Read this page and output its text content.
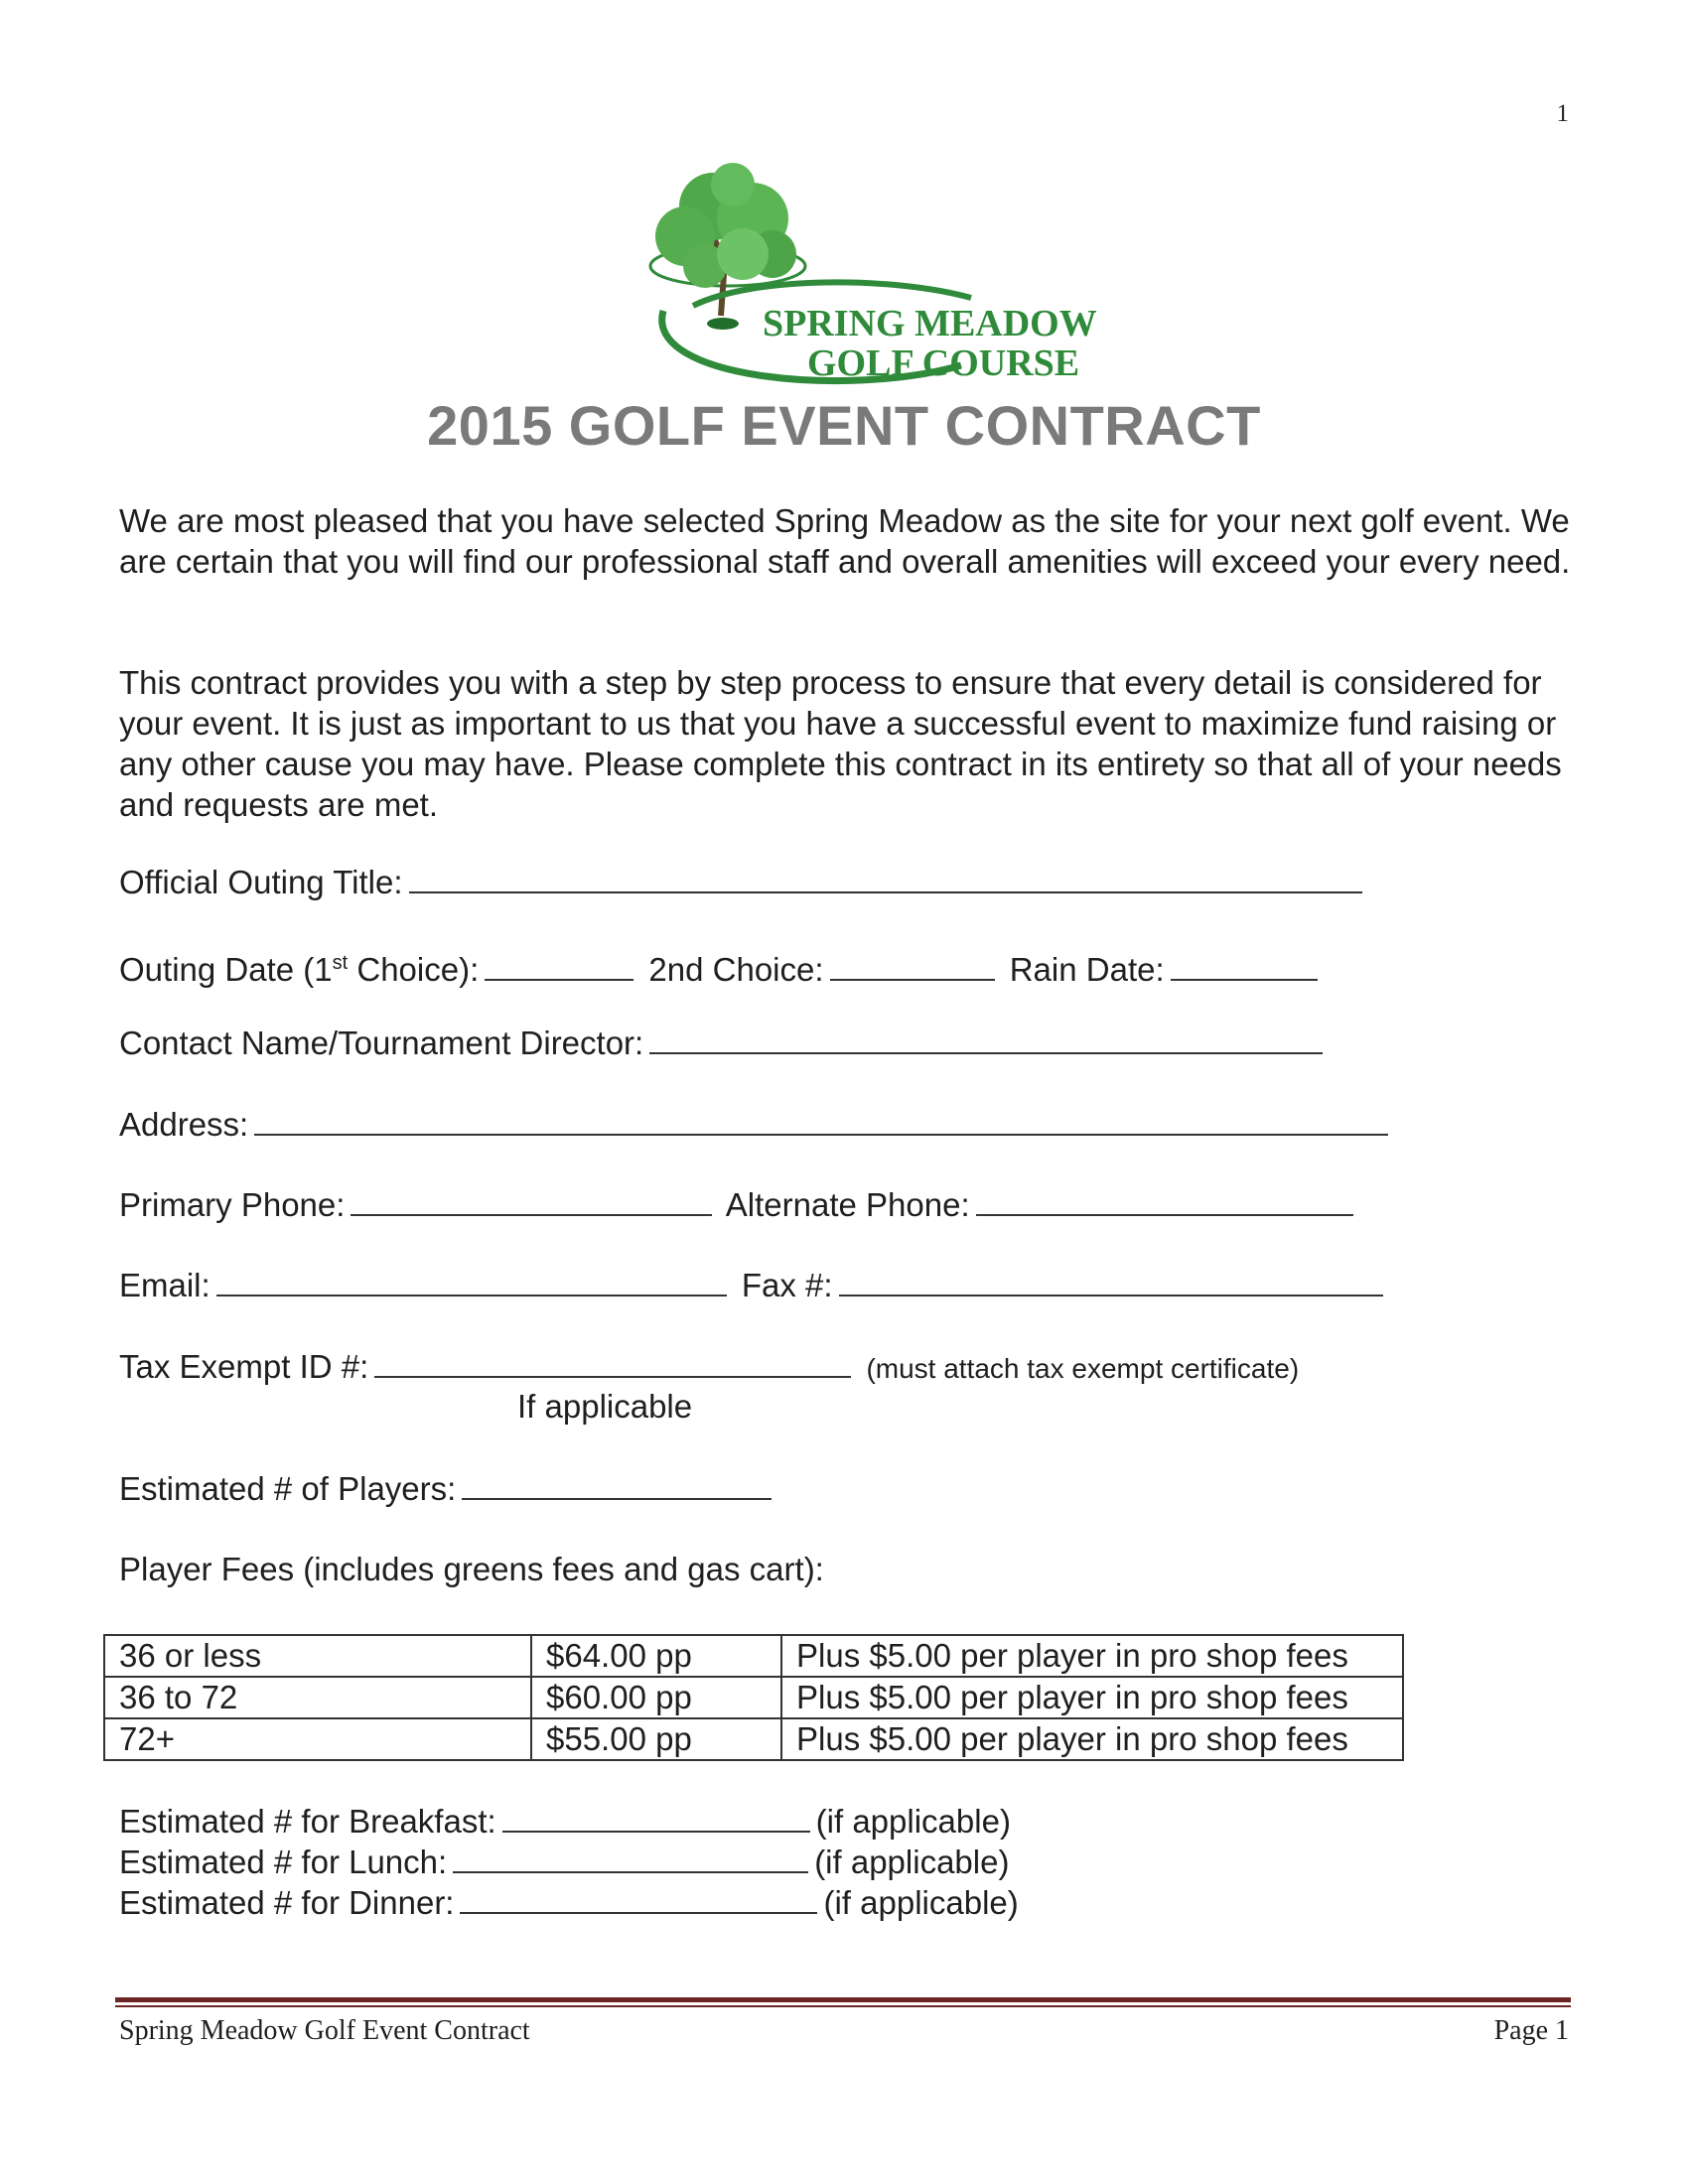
1
SPRING MEADOW
GOLF COURSE
2015 GOLF EVENT CONTRACT
We are most pleased that you have selected Spring Meadow as the site for your next golf event. We are certain that you will find our professional staff and overall amenities will exceed your every need.
This contract provides you with a step by step process to ensure that every detail is considered for your event. It is just as important to us that you have a successful event to maximize fund raising or any other cause you may have. Please complete this contract in its entirety so that all of your needs and requests are met.
Official Outing Title:
Outing Date (1st Choice):	2nd Choice:	Rain Date:
Contact Name/Tournament Director:
Address:
Primary Phone:	Alternate Phone:
Email:	Fax #:
Tax Exempt ID #:	(must attach tax exempt certificate)
If applicable
Estimated # of Players:
Player Fees (includes greens fees and gas cart):
36 or less	$64.00 pp	Plus $5.00 per player in pro shop fees
36 to 72	$60.00 pp	Plus $5.00 per player in pro shop fees
72+	$55.00 pp	Plus $5.00 per player in pro shop fees
Estimated # for Breakfast:	(if applicable)
Estimated # for Lunch:	(if applicable)
Estimated # for Dinner:	(if applicable)
Spring Meadow Golf Event Contract	Page 1
